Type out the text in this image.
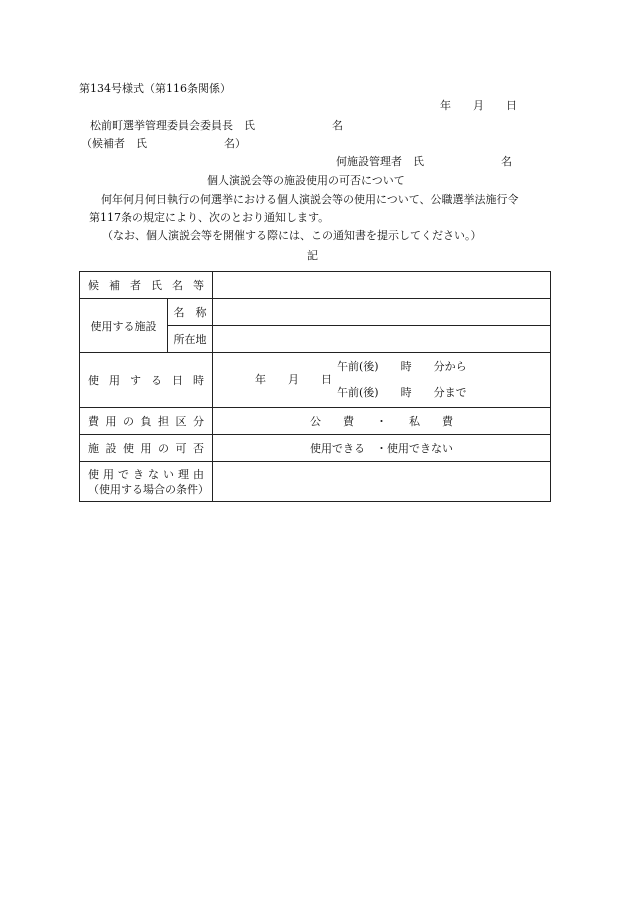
第134号様式（第116条関係）
年　　月　　日
松前町選挙管理委員会委員長　氏　　　　　　　名
（候補者　氏　　　　　　　名）
何施設管理者　氏　　　　　　　名
個人演説会等の施設使用の可否について
何年何月何日執行の何選挙における個人演説会等の使用について、公職選挙法施行令
第117条の規定により、次のとおり通知します。
（なお、個人演説会等を開催する際には、この通知書を提示してください。）
記
候補者氏名等		
使用する施設	名　称	
	所在地	
使用する日時		年　　月　　日
午前(後)　　時　　分から
午前(後)　　時　　分まで

費用の負担区分		公　　費　　・　　私　　費
施設使用の可否		使用できる　・使用できない

使用できない理由
（使用する場合の条件）		
